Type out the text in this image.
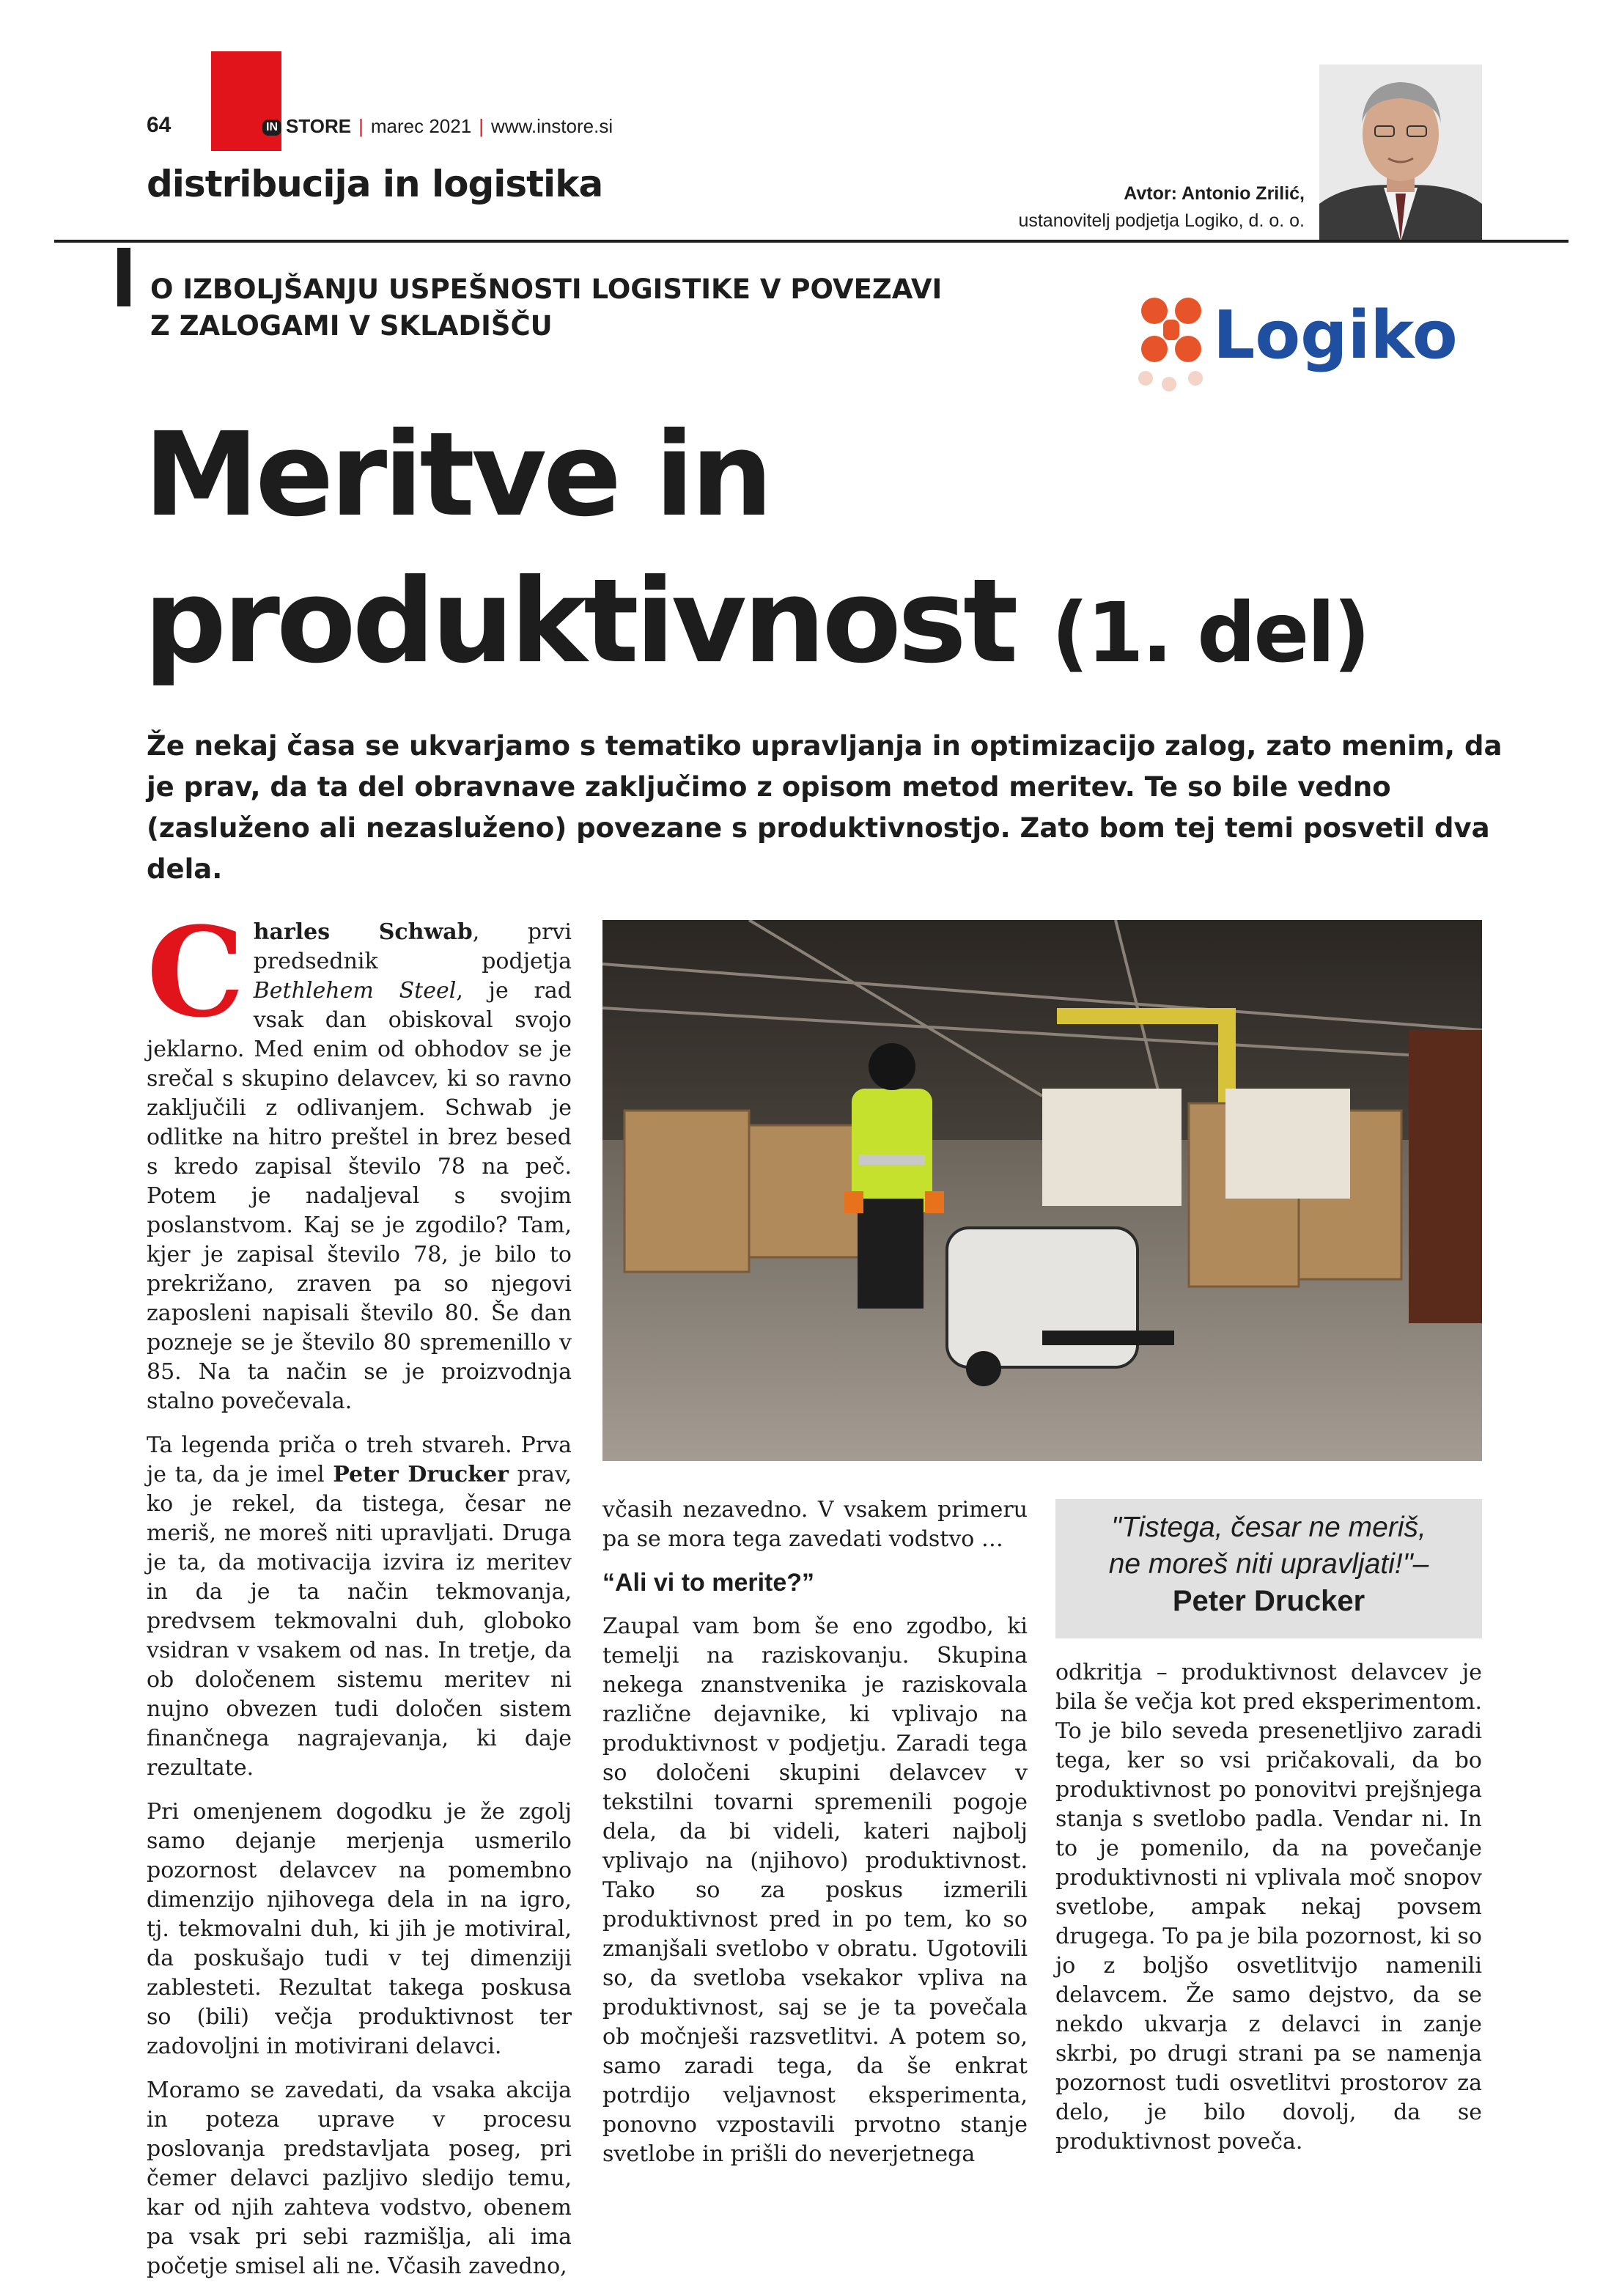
64	IN STORE | marec 2021 | www.instore.si
distribucija in logistika	Avtor: Antonio Zrilić,
ustanovitelj podjetja Logiko, d. o. o.
O IZBOLJŠANJU USPEŠNOSTI LOGISTIKE V POVEZAVI
Z ZALOGAMI V SKLADIŠČU	Logiko
Meritve in
produktivnost (1. del)
Že nekaj časa se ukvarjamo s tematiko upravljanja in optimizacijo zalog, zato menim, da je prav, da ta del obravnave zaključimo z opisom metod meritev. Te so bile vedno (zasluženo ali nezasluženo) povezane s produktivnostjo. Zato bom tej temi posvetil dva dela.

Charles Schwab, prvi predsednik podjetja Bethlehem Steel, je rad vsak dan obiskoval svojo jeklarno. Med enim od obhodov se je srečal s skupino delavcev, ki so ravno zaključili z odlivanjem. Schwab je odlitke na hitro preštel in brez besed s kredo zapisal število 78 na peč. Potem je nadaljeval s svojim poslanstvom. Kaj se je zgodilo? Tam, kjer je zapisal število 78, je bilo to prekrižano, zraven pa so njegovi zaposleni napisali število 80. Še dan pozneje se je število 80 spremenillo v 85. Na ta način se je proizvodnja stalno povečevala.

Ta legenda priča o treh stvareh. Prva je ta, da je imel Peter Drucker prav, ko je rekel, da tistega, česar ne meriš, ne moreš niti upravljati. Druga je ta, da motivacija izvira iz meritev in da je ta način tekmovanja, predvsem tekmovalni duh, globoko vsidran v vsakem od nas. In tretje, da ob določenem sistemu meritev ni nujno obvezen tudi določen sistem finančnega nagrajevanja, ki daje rezultate.

Pri omenjenem dogodku je že zgolj samo dejanje merjenja usmerilo pozornost delavcev na pomembno dimenzijo njihovega dela in na igro, tj. tekmovalni duh, ki jih je motiviral, da poskušajo tudi v tej dimenziji zablesteti. Rezultat takega poskusa so (bili) večja produktivnost ter zadovoljni in motivirani delavci.

Moramo se zavedati, da vsaka akcija in poteza uprave v procesu poslovanja predstavljata poseg, pri čemer delavci pazljivo sledijo temu, kar od njih zahteva vodstvo, obenem pa vsak pri sebi razmišlja, ali ima početje smisel ali ne. Včasih zavedno,

včasih nezavedno. V vsakem primeru pa se mora tega zavedati vodstvo …

“Ali vi to merite?”

Zaupal vam bom še eno zgodbo, ki temelji na raziskovanju. Skupina nekega znanstvenika je raziskovala različne dejavnike, ki vplivajo na produktivnost v podjetju. Zaradi tega so določeni skupini delavcev v tekstilni tovarni spremenili pogoje dela, da bi videli, kateri najbolj vplivajo na (njihovo) produktivnost. Tako so za poskus izmerili produktivnost pred in po tem, ko so zmanjšali svetlobo v obratu. Ugotovili so, da svetloba vsekakor vpliva na produktivnost, saj se je ta povečala ob močnješi razsvetlitvi. A potem so, samo zaradi tega, da še enkrat potrdijo veljavnost eksperimenta, ponovno vzpostavili prvotno stanje svetlobe in prišli do neverjetnega

"Tistega, česar ne meriš,
ne moreš niti upravljati!"–
Peter Drucker

odkritja – produktivnost delavcev je bila še večja kot pred eksperimentom. To je bilo seveda presenetljivo zaradi tega, ker so vsi pričakovali, da bo produktivnost po ponovitvi prejšnjega stanja s svetlobo padla. Vendar ni. In to je pomenilo, da na povečanje produktivnosti ni vplivala moč snopov svetlobe, ampak nekaj povsem drugega. To pa je bila pozornost, ki so jo z boljšo osvetlitvijo namenili delavcem. Že samo dejstvo, da se nekdo ukvarja z delavci in zanje skrbi, po drugi strani pa se namenja pozornost tudi osvetlitvi prostorov za delo, je bilo dovolj, da se produktivnost poveča.
